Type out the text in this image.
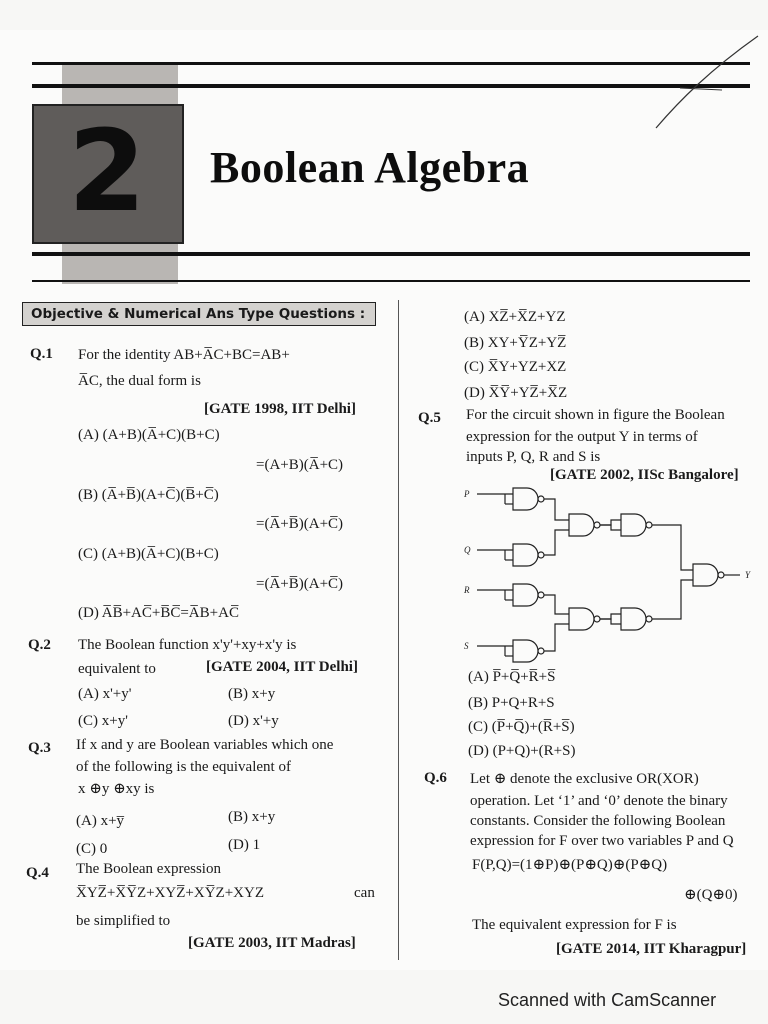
2	Boolean Algebra
Objective & Numerical Ans Type Questions :
Q.1 For the identity AB+A̅C+BC=AB+
A̅C, the dual form is
[GATE 1998, IIT Delhi]
(A) (A+B)(A̅+C)(B+C)
=(A+B)(A̅+C)
(B) (A̅+B̅)(A+C̅)(B̅+C̅)
=(A̅+B̅)(A+C̅)
(C) (A+B)(A̅+C)(B+C)
=(A̅+B̅)(A+C̅)
(D) A̅B̅+AC̅+B̅C̅=A̅B+AC̅
Q.2 The Boolean function x'y'+xy+x'y is
equivalent to	[GATE 2004, IIT Delhi]
(A) x'+y'	(B) x+y
(C) x+y'	(D) x'+y
Q.3 If x and y are Boolean variables which one
of the following is the equivalent of
x ⊕y ⊕xy is
(A) x+y̅	(B) x+y
(C) 0	(D) 1
Q.4 The Boolean expression
X̅YZ̅+X̅Y̅Z+XYZ̅+XY̅Z+XYZ	can
be simplified to
[GATE 2003, IIT Madras]
(A) XZ̅+X̅Z+YZ
(B) XY+Y̅Z+YZ̅
(C) X̅Y+YZ+XZ
(D) X̅Y̅+YZ̅+X̅Z
Q.5 For the circuit shown in figure the Boolean
expression for the output Y in terms of
inputs P, Q, R and S is
[GATE 2002, IISc Bangalore]
P
Q
R
S
Y
(A) P̅+Q̅+R̅+S̅
(B) P+Q+R+S
(C) (P̅+Q̅)+(R̅+S̅)
(D) (P+Q)+(R+S)
Q.6 Let ⊕ denote the exclusive OR(XOR)
operation. Let ‘1’ and ‘0’ denote the binary
constants. Consider the following Boolean
expression for F over two variables P and Q
F(P,Q)=(1⊕P)⊕(P⊕Q)⊕(P⊕Q)
⊕(Q⊕0)
The equivalent expression for F is
[GATE 2014, IIT Kharagpur]
Scanned with CamScanner
